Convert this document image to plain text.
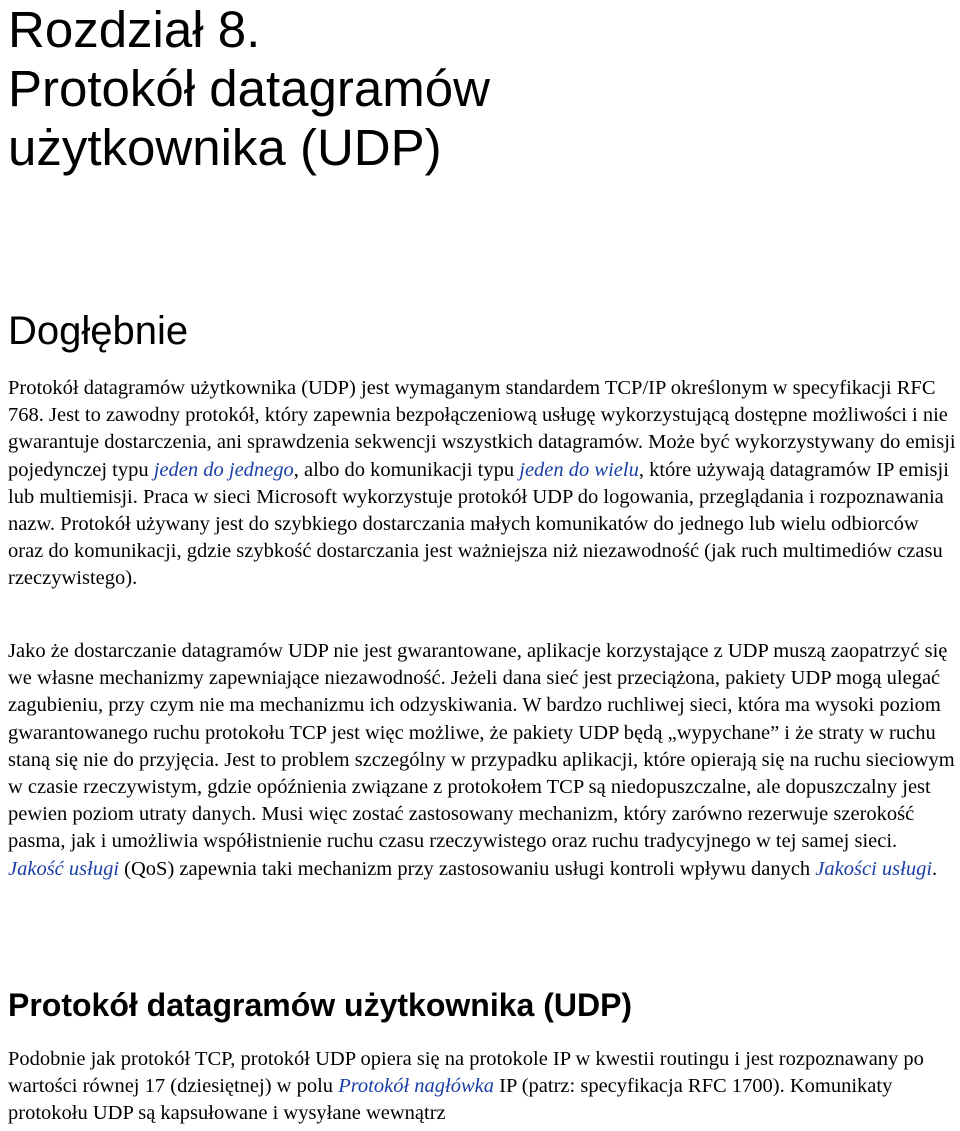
Rozdział 8.
Protokół datagramów
użytkownika (UDP)
Dogłębnie

Protokół datagramów użytkownika (UDP) jest wymaganym standardem TCP/IP określonym w specyfikacji RFC 768. Jest to zawodny protokół, który zapewnia bezpołączeniową usługę wykorzystującą dostępne możliwości i nie gwarantuje dostarczenia, ani sprawdzenia sekwencji wszystkich datagramów. Może być wykorzystywany do emisji pojedynczej typu jeden do jednego, albo do komunikacji typu jeden do wielu, które używają datagramów IP emisji lub multiemisji. Praca w sieci Microsoft wykorzystuje protokół UDP do logowania, przeglądania i rozpoznawania nazw. Protokół używany jest do szybkiego dostarczania małych komunikatów do jednego lub wielu odbiorców oraz do komunikacji, gdzie szybkość dostarczania jest ważniejsza niż niezawodność (jak ruch multimediów czasu rzeczywistego).

Jako że dostarczanie datagramów UDP nie jest gwarantowane, aplikacje korzystające z UDP muszą zaopatrzyć się we własne mechanizmy zapewniające niezawodność. Jeżeli dana sieć jest przeciążona, pakiety UDP mogą ulegać zagubieniu, przy czym nie ma mechanizmu ich odzyskiwania. W bardzo ruchliwej sieci, która ma wysoki poziom gwarantowanego ruchu protokołu TCP jest więc możliwe, że pakiety UDP będą „wypychane” i że straty w ruchu staną się nie do przyjęcia. Jest to problem szczególny w przypadku aplikacji, które opierają się na ruchu sieciowym w czasie rzeczywistym, gdzie opóźnienia związane z protokołem TCP są niedopuszczalne, ale dopuszczalny jest pewien poziom utraty danych. Musi więc zostać zastosowany mechanizm, który zarówno rezerwuje szerokość pasma, jak i umożliwia współistnienie ruchu czasu rzeczywistego oraz ruchu tradycyjnego w tej samej sieci. Jakość usługi (QoS) zapewnia taki mechanizm przy zastosowaniu usługi kontroli wpływu danych Jakości usługi.

Protokół datagramów użytkownika (UDP)

Podobnie jak protokół TCP, protokół UDP opiera się na protokole IP w kwestii routingu i jest rozpoznawany po wartości równej 17 (dziesiętnej) w polu Protokół nagłówka IP (patrz: specyfikacja RFC 1700). Komunikaty protokołu UDP są kapsułowane i wysyłane wewnątrz
